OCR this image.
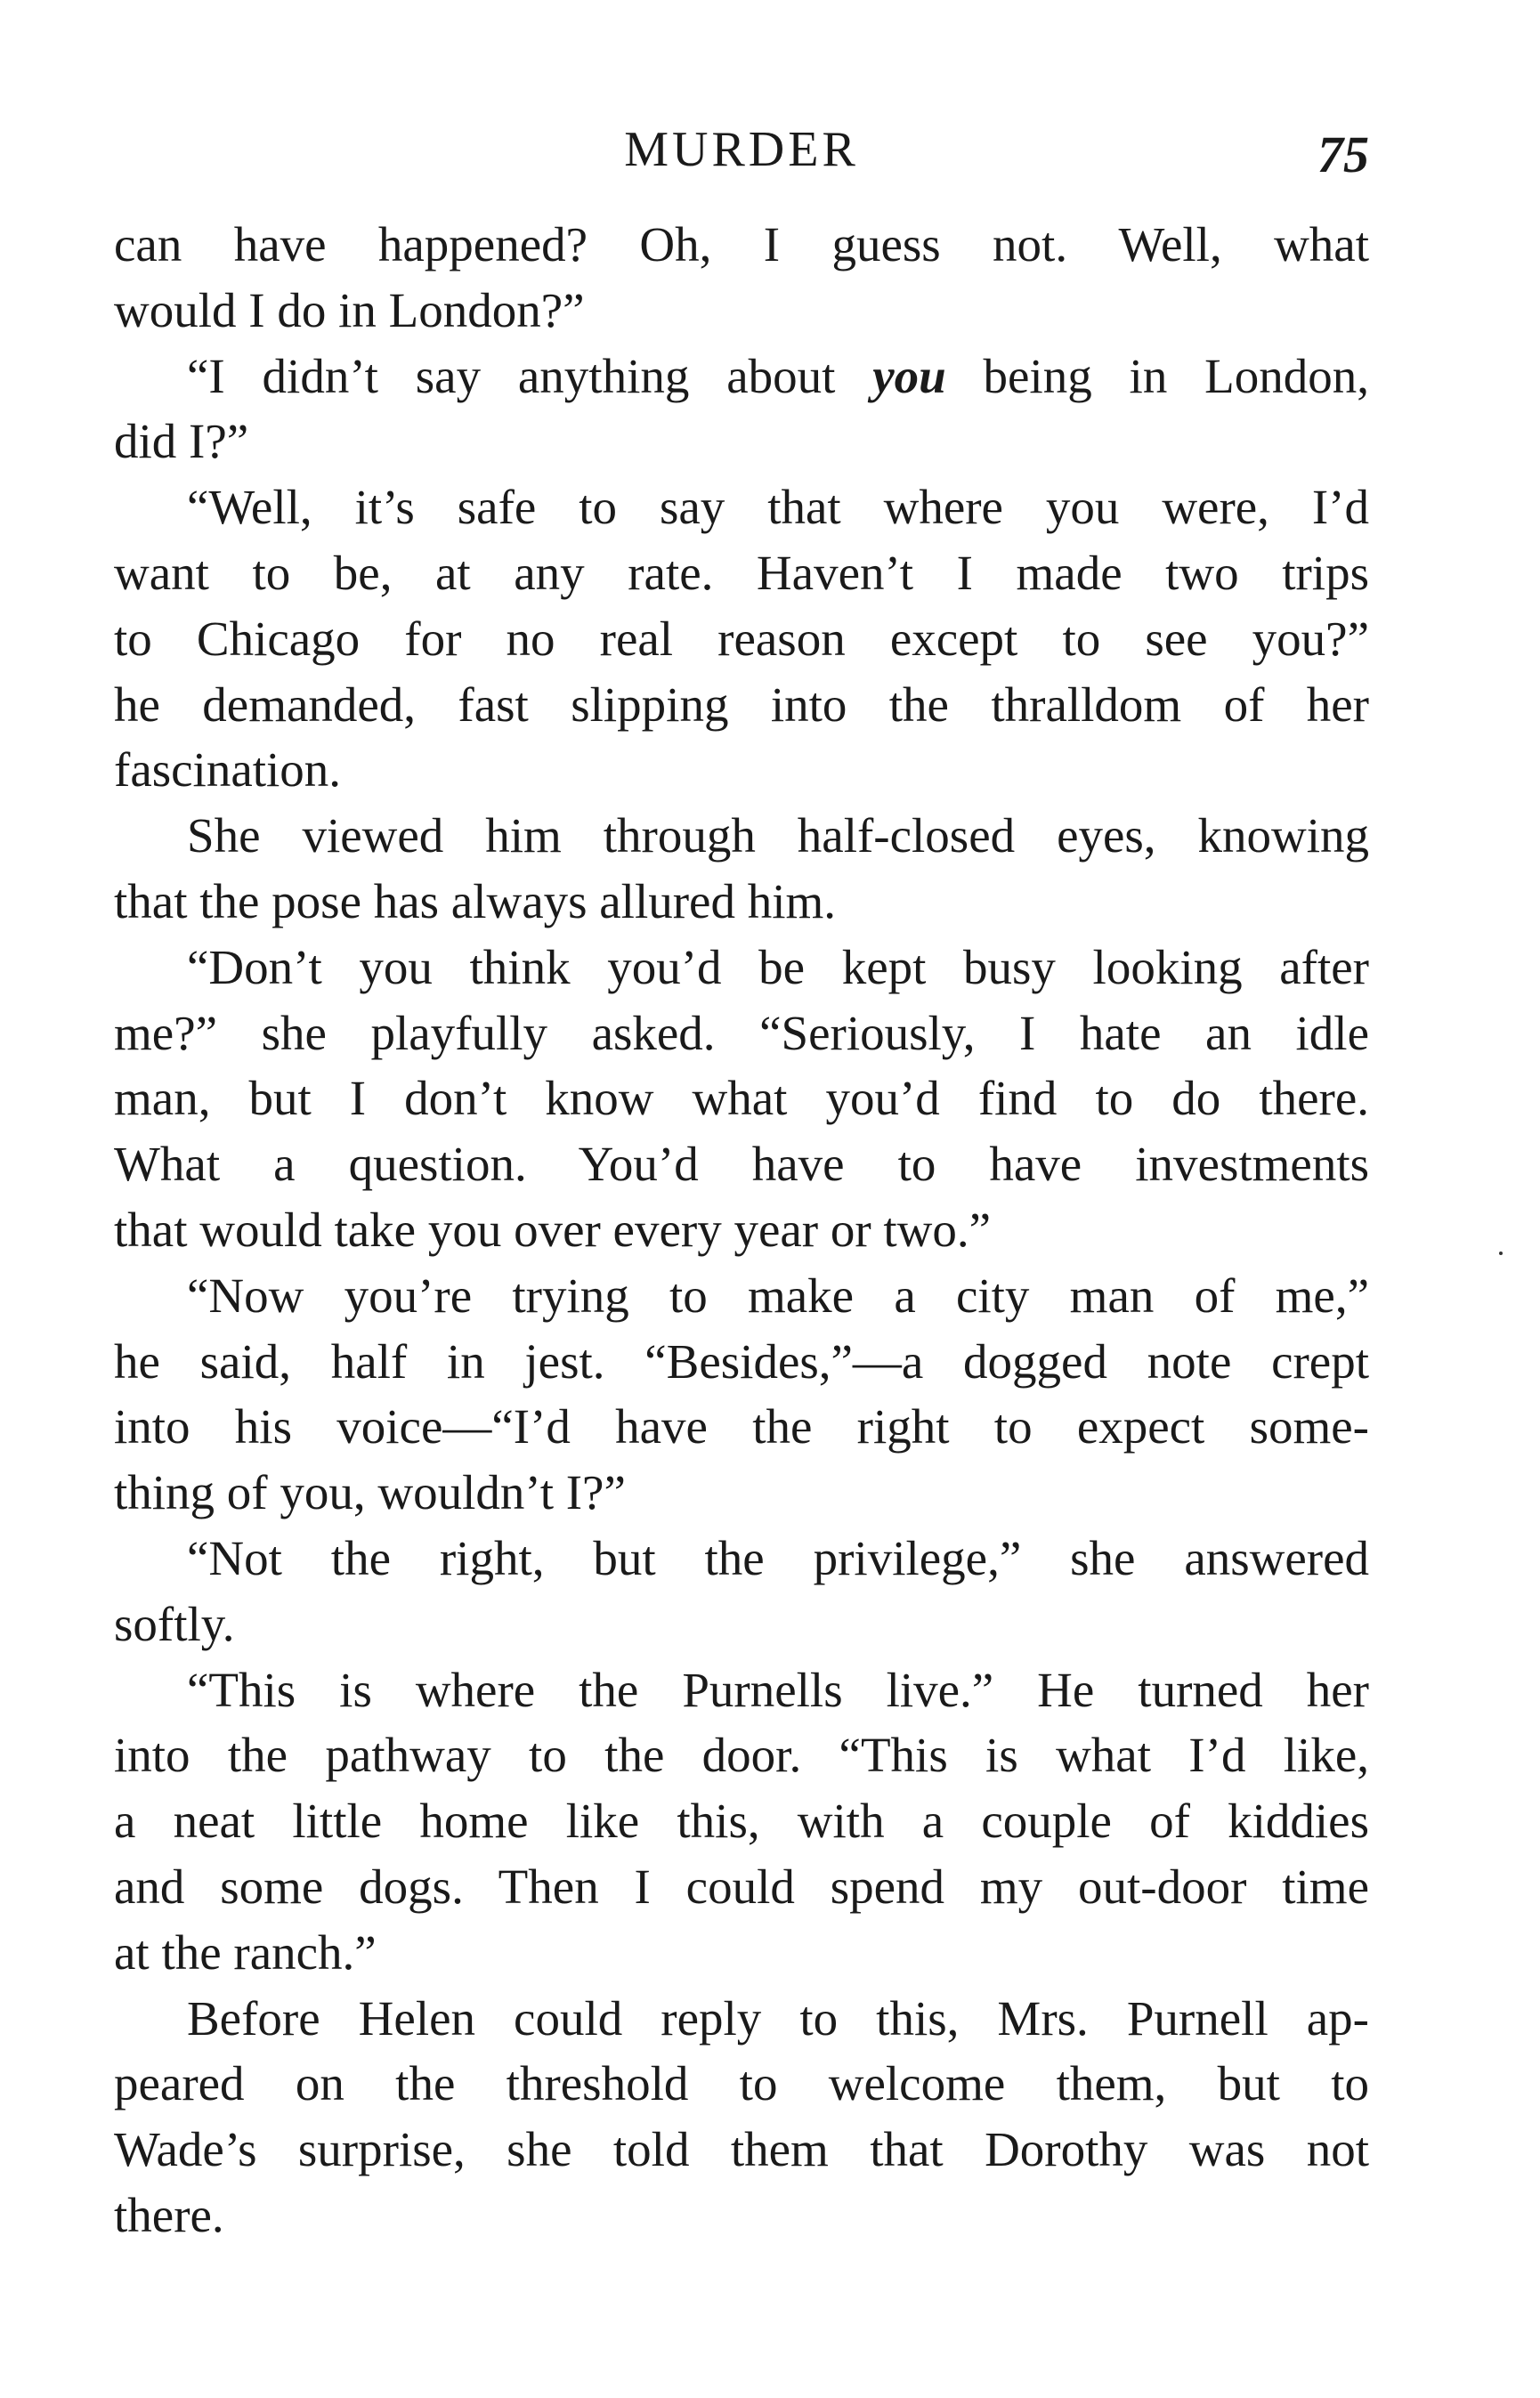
MURDER	75
can have happened? Oh, I guess not. Well, what
would I do in London?”
“I didn’t say anything about you being in London,
did I?”
“Well, it’s safe to say that where you were, I’d
want to be, at any rate. Haven’t I made two trips
to Chicago for no real reason except to see you?”
he demanded, fast slipping into the thralldom of her
fascination.
She viewed him through half-closed eyes, knowing
that the pose has always allured him.
“Don’t you think you’d be kept busy looking after
me?” she playfully asked. “Seriously, I hate an idle
man, but I don’t know what you’d find to do there.
What a question. You’d have to have investments
that would take you over every year or two.”
“Now you’re trying to make a city man of me,”
he said, half in jest. “Besides,”—a dogged note crept
into his voice—“I’d have the right to expect some-
thing of you, wouldn’t I?”
“Not the right, but the privilege,” she answered
softly.
“This is where the Purnells live.” He turned her
into the pathway to the door. “This is what I’d like,
a neat little home like this, with a couple of kiddies
and some dogs. Then I could spend my out-door time
at the ranch.”
Before Helen could reply to this, Mrs. Purnell ap-
peared on the threshold to welcome them, but to
Wade’s surprise, she told them that Dorothy was not
there.
